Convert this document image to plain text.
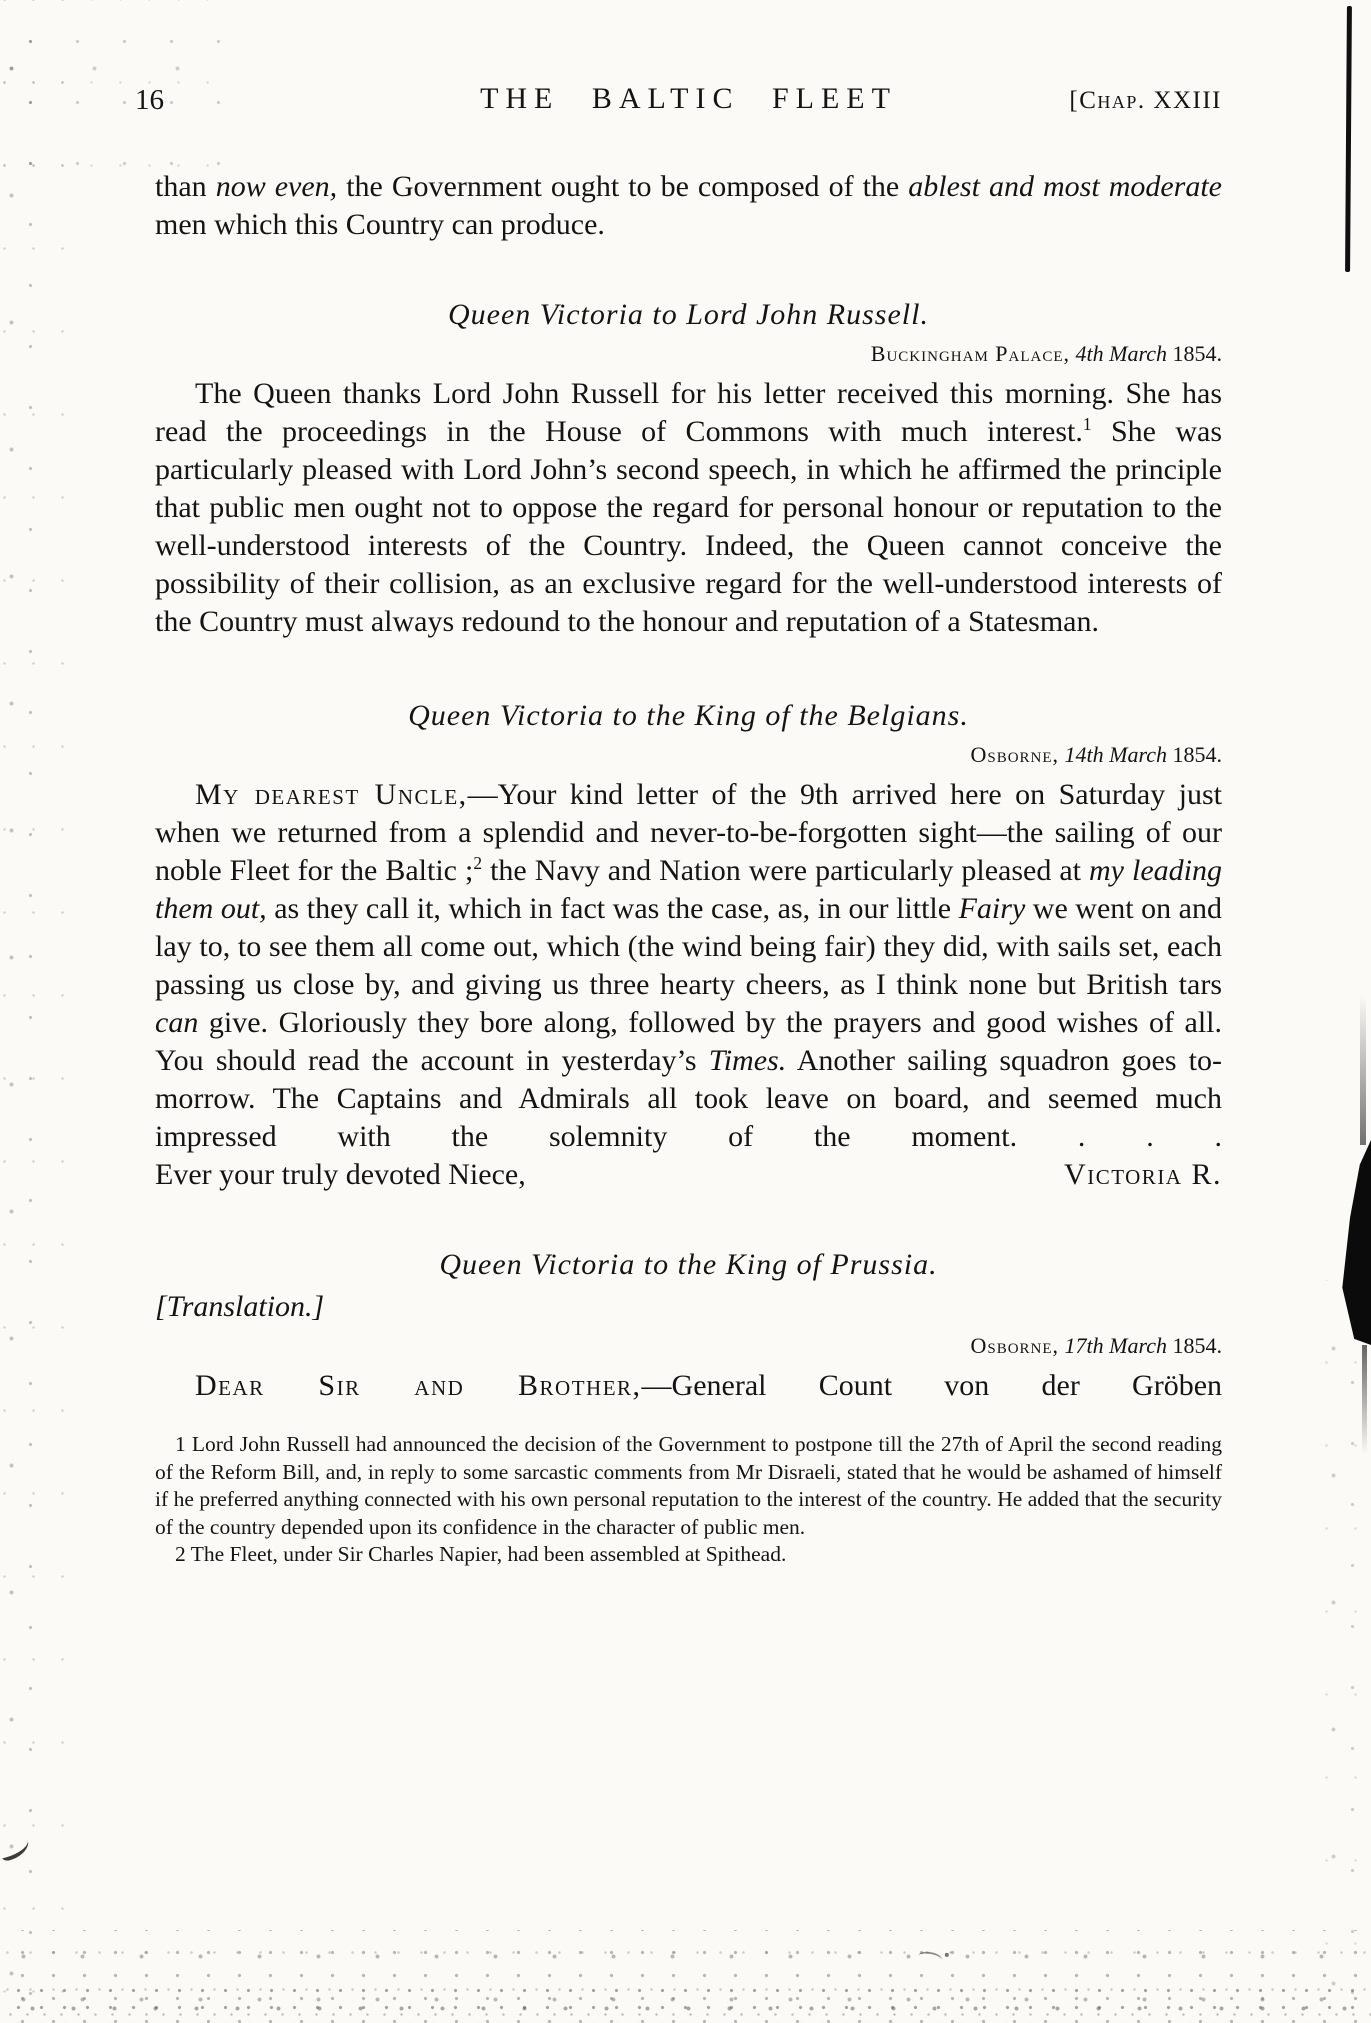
16	THE BALTIC FLEET	[Chap. XXIII

than now even, the Government ought to be composed of the ablest and most moderate men which this Country can produce.

Queen Victoria to Lord John Russell.
Buckingham Palace, 4th March 1854.

The Queen thanks Lord John Russell for his letter received this morning. She has read the proceedings in the House of Commons with much interest.$^1$ She was particularly pleased with Lord John’s second speech, in which he affirmed the principle that public men ought not to oppose the regard for personal honour or reputation to the well-understood interests of the Country. Indeed, the Queen cannot conceive the possibility of their collision, as an exclusive regard for the well-understood interests of the Country must always redound to the honour and reputation of a Statesman.

Queen Victoria to the King of the Belgians.
Osborne, 14th March 1854.

My dearest Uncle,—Your kind letter of the 9th arrived here on Saturday just when we returned from a splendid and never-to-be-forgotten sight—the sailing of our noble Fleet for the Baltic ;$^2$ the Navy and Nation were particularly pleased at my leading them out, as they call it, which in fact was the case, as, in our little Fairy we went on and lay to, to see them all come out, which (the wind being fair) they did, with sails set, each passing us close by, and giving us three hearty cheers, as I think none but British tars can give. Gloriously they bore along, followed by the prayers and good wishes of all. You should read the account in yesterday’s Times. Another sailing squadron goes to-morrow. The Captains and Admirals all took leave on board, and seemed much impressed with the solemnity of the moment. . . .

Ever your truly devoted Niece,	Victoria R.
Queen Victoria to the King of Prussia.
[Translation.]
Osborne, 17th March 1854.

Dear Sir and Brother,—General Count von der Gröben

1 Lord John Russell had announced the decision of the Government to postpone till the 27th of April the second reading of the Reform Bill, and, in reply to some sarcastic comments from Mr Disraeli, stated that he would be ashamed of himself if he preferred anything connected with his own personal reputation to the interest of the country. He added that the security of the country depended upon its confidence in the character of public men.

2 The Fleet, under Sir Charles Napier, had been assembled at Spithead.
